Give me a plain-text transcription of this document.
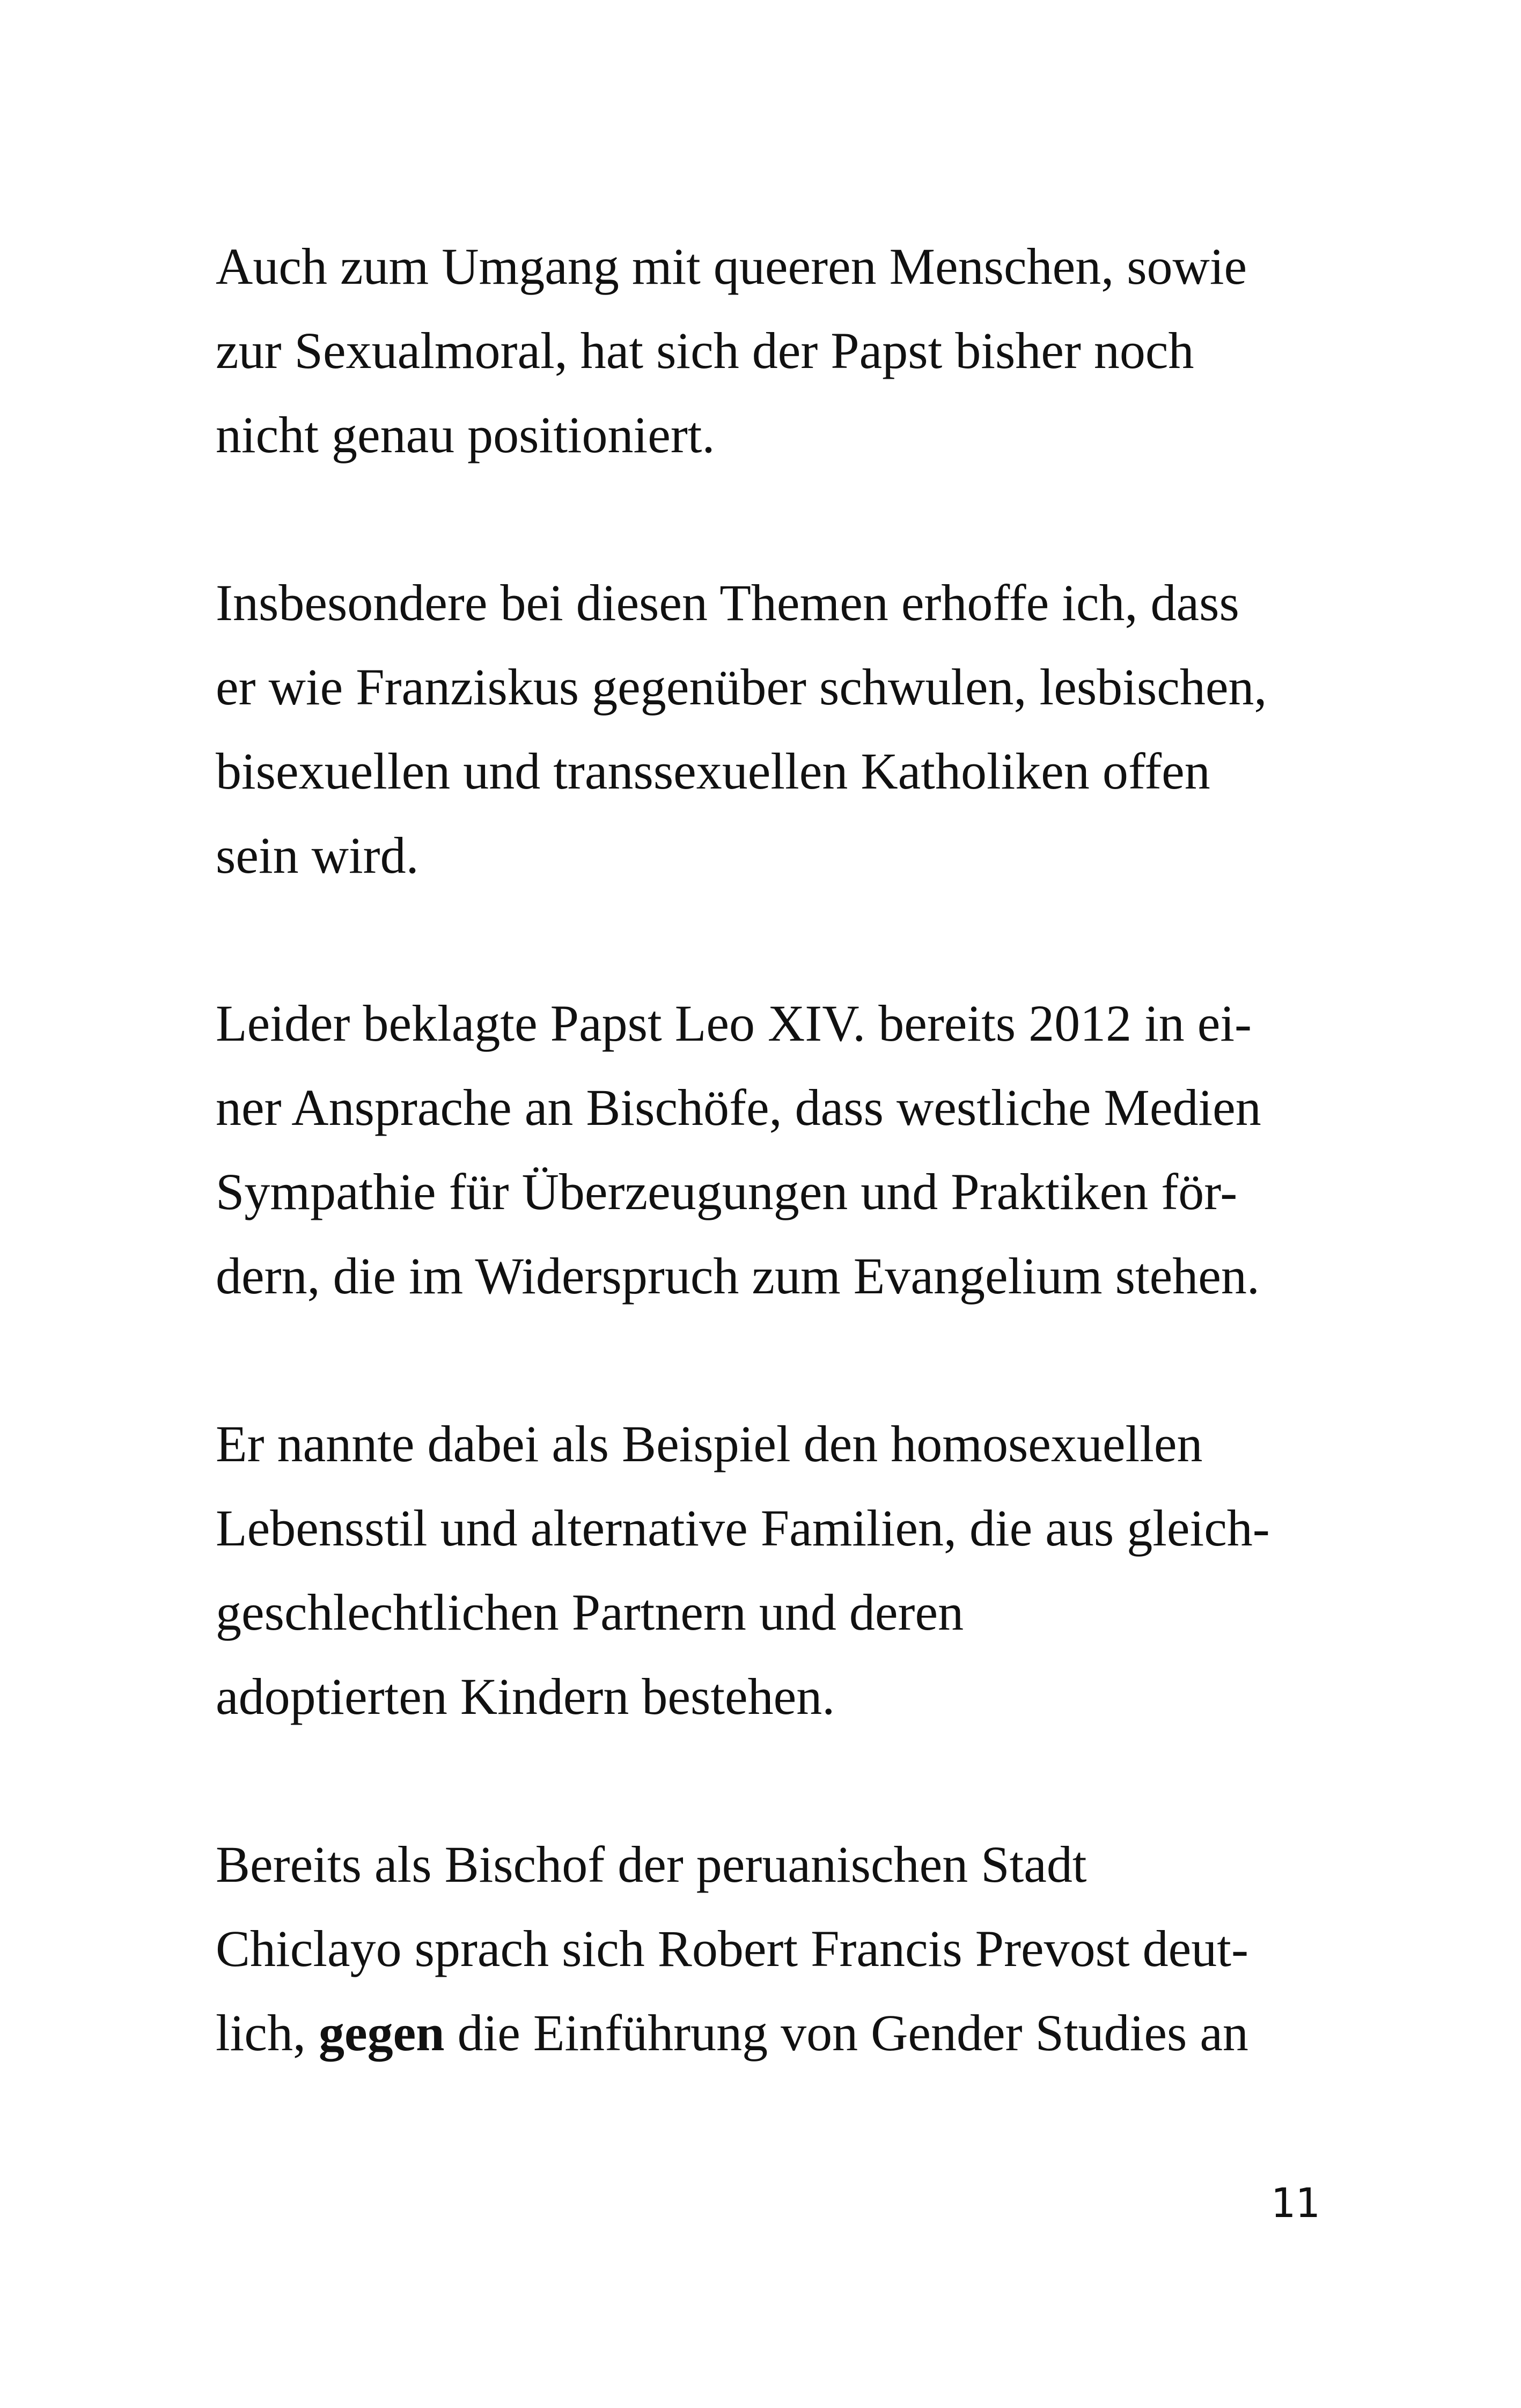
Auch zum Umgang mit queeren Menschen, sowie
zur Sexualmoral, hat sich der Papst bisher noch
nicht genau positioniert.

Insbesondere bei diesen Themen erhoffe ich, dass
er wie Franziskus gegenüber schwulen, lesbischen,
bisexuellen und transsexuellen Katholiken offen
sein wird.

Leider beklagte Papst Leo XIV. bereits 2012 in ei-
ner Ansprache an Bischöfe, dass westliche Medien
Sympathie für Überzeugungen und Praktiken för-
dern, die im Widerspruch zum Evangelium stehen.

Er nannte dabei als Beispiel den homosexuellen
Lebensstil und alternative Familien, die aus gleich-
geschlechtlichen Partnern und deren
adoptierten Kindern bestehen.

Bereits als Bischof der peruanischen Stadt
Chiclayo sprach sich Robert Francis Prevost deut-
lich, gegen die Einführung von Gender Studies an

11
